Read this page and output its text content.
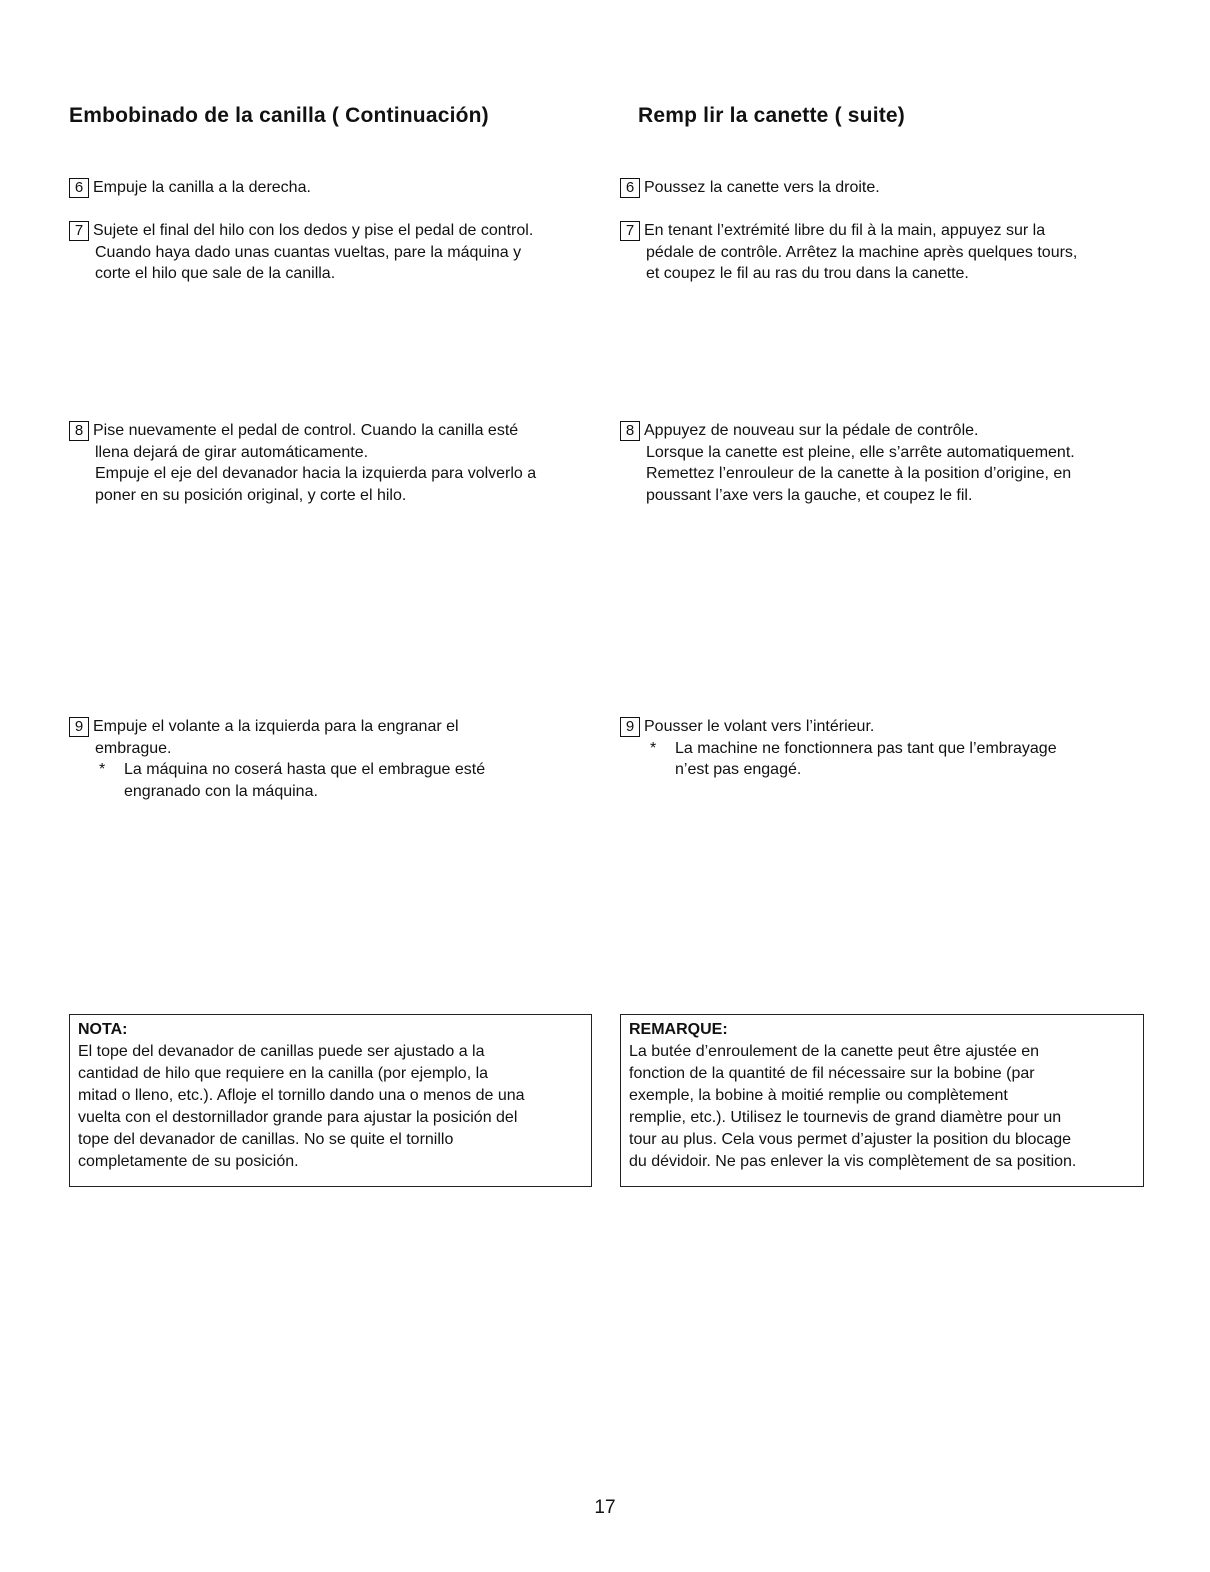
Embobinado de la canilla ( Continuación)	Remp lir la canette ( suite)
6 Empuje la canilla a la derecha.
7 Sujete el final del hilo con los dedos y pise el pedal de control.
Cuando haya dado unas cuantas vueltas, pare la máquina y
corte el hilo que sale de la canilla.
8 Pise nuevamente el pedal de control. Cuando la canilla esté
llena dejará de girar automáticamente.
Empuje el eje del devanador hacia la izquierda para volverlo a
poner en su posición original, y corte el hilo.
9 Empuje el volante a la izquierda para la engranar el
embrague.
*	La máquina no coserá hasta que el embrague esté
engranado con la máquina.
NOTA:
El tope del devanador de canillas puede ser ajustado a la
cantidad de hilo que requiere en la canilla (por ejemplo, la
mitad o lleno, etc.). Afloje el tornillo dando una o menos de una
vuelta con el destornillador grande para ajustar la posición del
tope del devanador de canillas. No se quite el tornillo
completamente de su posición.
6 Poussez la canette vers la droite.
7 En tenant l’extrémité libre du fil à la main, appuyez sur la
pédale de contrôle. Arrêtez la machine après quelques tours,
et coupez le fil au ras du trou dans la canette.
8 Appuyez de nouveau sur la pédale de contrôle.
Lorsque la canette est pleine, elle s’arrête automatiquement.
Remettez l’enrouleur de la canette à la position d’origine, en
poussant l’axe vers la gauche, et coupez le fil.
9 Pousser le volant vers l’intérieur.
*	La machine ne fonctionnera pas tant que l’embrayage
n’est pas engagé.
REMARQUE:
La butée d’enroulement de la canette peut être ajustée en
fonction de la quantité de fil nécessaire sur la bobine (par
exemple, la bobine à moitié remplie ou complètement
remplie, etc.). Utilisez le tournevis de grand diamètre pour un
tour au plus. Cela vous permet d’ajuster la position du blocage
du dévidoir. Ne pas enlever la vis complètement de sa position.
17
